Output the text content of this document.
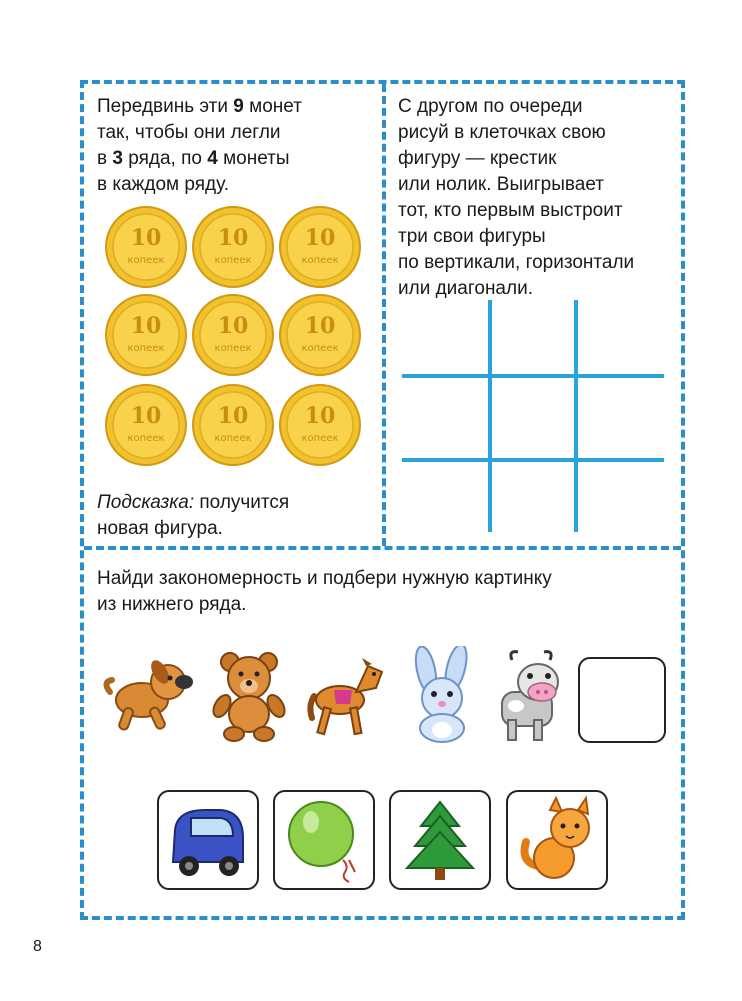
Передвинь эти 9 монет
так, чтобы они легли
в 3 ряда, по 4 монеты
в каждом ряду.

10
копеек
10
копеек
10
копеек
10
копеек
10
копеек
10
копеек
10
копеек
10
копеек
10
копеек

Подсказка: получится
новая фигура.

С другом по очереди
рисуй в клеточках свою
фигуру — крестик
или нолик. Выигрывает
тот, кто первым выстроит
три свои фигуры
по вертикали, горизонтали
или диагонали.

Найди закономерность и подбери нужную картинку
из нижнего ряда.

8
